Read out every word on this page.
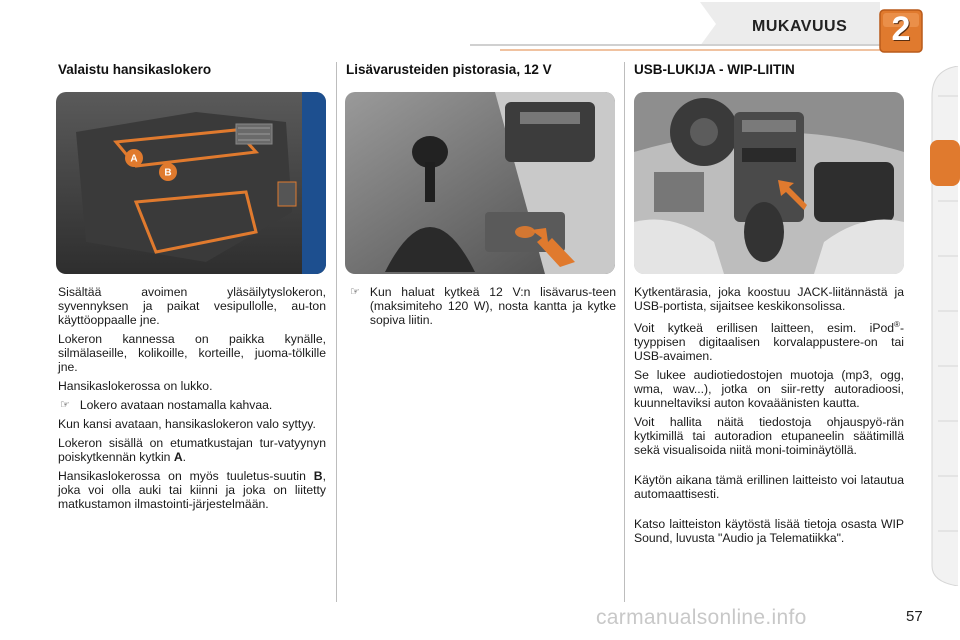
MUKAVUUS	2
Valaistu hansikaslokero
A
B

Sisältää avoimen yläsäilytyslokeron, syvennyksen ja paikat vesipullolle, au-ton käyttöoppaalle jne.

Lokeron kannessa on paikka kynälle, silmälaseille, kolikoille, korteille, juoma-tölkille jne.

Hansikaslokerossa on lukko.

☞ Lokero avataan nostamalla kahvaa.

Kun kansi avataan, hansikaslokeron valo syttyy.

Lokeron sisällä on etumatkustajan tur-vatyynyn poiskytkennän kytkin A.

Hansikaslokerossa on myös tuuletus-suutin B, joka voi olla auki tai kiinni ja joka on liitetty matkustamon ilmastointi-järjestelmään.

Lisävarusteiden pistorasia, 12 V
☞ Kun haluat kytkeä 12 V:n lisävarus-teen (maksimiteho 120 W), nosta kantta ja kytke sopiva liitin.
USB-LUKIJA - WIP-LIITIN

Kytkentärasia, joka koostuu JACK-liitännästä ja USB-portista, sijaitsee keskikonsolissa.

Voit kytkeä erillisen laitteen, esim. iPod®-tyyppisen digitaalisen korvalappustere-on tai USB-avaimen.

Se lukee audiotiedostojen muotoja (mp3, ogg, wma, wav...), jotka on siir-retty autoradioosi, kuunneltaviksi auton kovaäänisten kautta.

Voit hallita näitä tiedostoja ohjauspyö-rän kytkimillä tai autoradion etupaneelin säätimillä sekä visualisoida niitä moni-toiminäytöllä.

Käytön aikana tämä erillinen laitteisto voi latautua automaattisesti.

Katso laitteiston käytöstä lisää tietoja osasta WIP Sound, luvusta "Audio ja Telematiikka".

carmanualsonline.info	57
